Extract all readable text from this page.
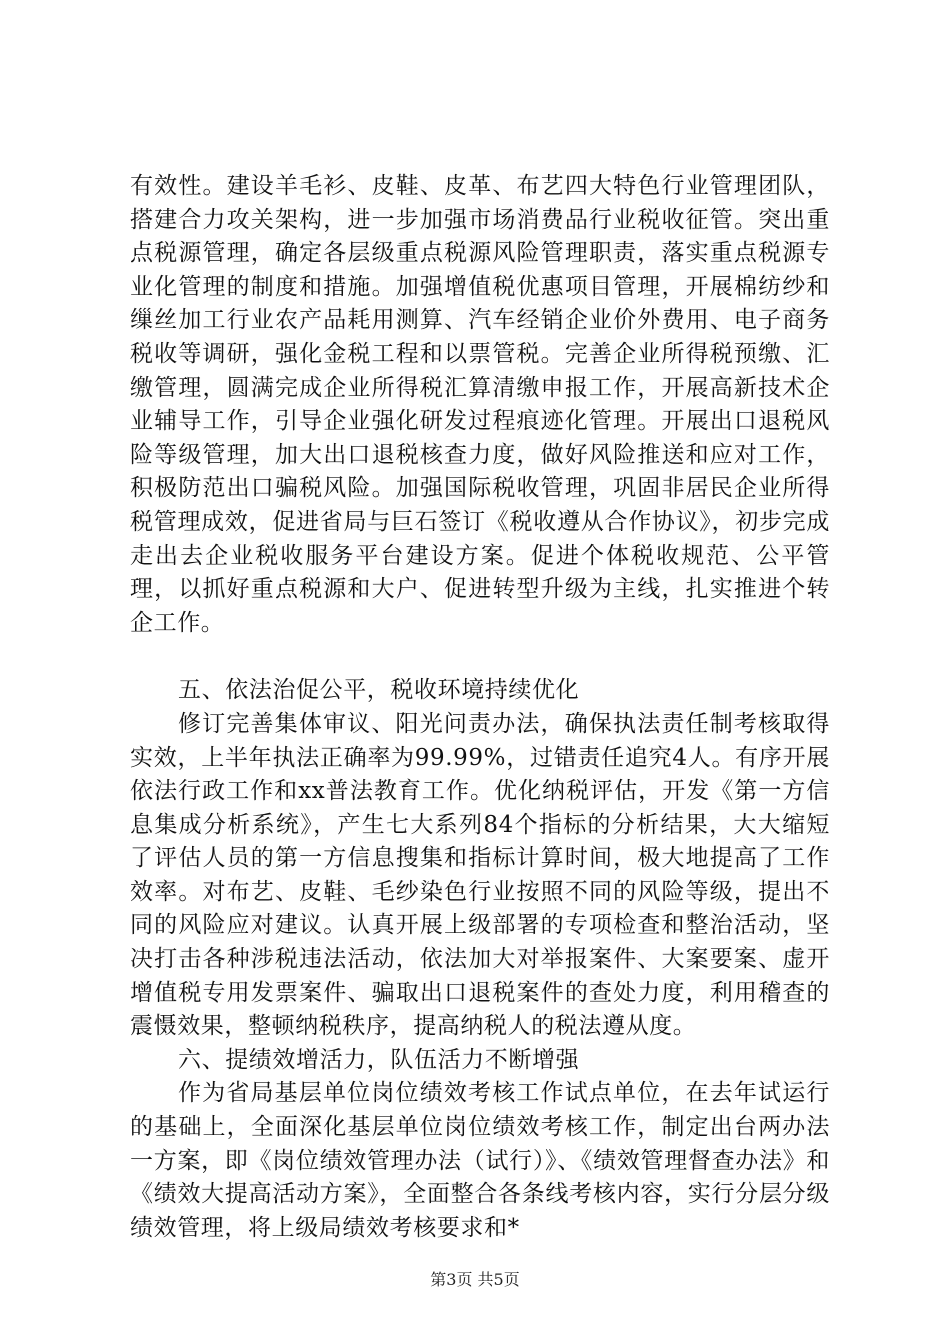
有效性。建设羊毛衫、皮鞋、皮革、布艺四大特色行业管理团队，搭建合力攻关架构，进一步加强市场消费品行业税收征管。突出重点税源管理，确定各层级重点税源风险管理职责，落实重点税源专业化管理的制度和措施。加强增值税优惠项目管理，开展棉纺纱和缫丝加工行业农产品耗用测算、汽车经销企业价外费用、电子商务税收等调研，强化金税工程和以票管税。完善企业所得税预缴、汇缴管理，圆满完成企业所得税汇算清缴申报工作，开展高新技术企业辅导工作，引导企业强化研发过程痕迹化管理。开展出口退税风险等级管理，加大出口退税核查力度，做好风险推送和应对工作，积极防范出口骗税风险。加强国际税收管理，巩固非居民企业所得税管理成效，促进省局与巨石签订《税收遵从合作协议》，初步完成走出去企业税收服务平台建设方案。促进个体税收规范、公平管理，以抓好重点税源和大户、促进转型升级为主线，扎实推进个转企工作。

五、依法治促公平，税收环境持续优化

修订完善集体审议、阳光问责办法，确保执法责任制考核取得实效，上半年执法正确率为99.99%，过错责任追究4人。有序开展依法行政工作和xx普法教育工作。优化纳税评估，开发《第一方信息集成分析系统》，产生七大系列84个指标的分析结果，大大缩短了评估人员的第一方信息搜集和指标计算时间，极大地提高了工作效率。对布艺、皮鞋、毛纱染色行业按照不同的风险等级，提出不同的风险应对建议。认真开展上级部署的专项检查和整治活动，坚决打击各种涉税违法活动，依法加大对举报案件、大案要案、虚开增值税专用发票案件、骗取出口退税案件的查处力度，利用稽查的震慑效果，整顿纳税秩序，提高纳税人的税法遵从度。

六、提绩效增活力，队伍活力不断增强

作为省局基层单位岗位绩效考核工作试点单位，在去年试运行的基础上，全面深化基层单位岗位绩效考核工作，制定出台两办法一方案，即《岗位绩效管理办法（试行）》、《绩效管理督查办法》和《绩效大提高活动方案》，全面整合各条线考核内容，实行分层分级绩效管理，将上级局绩效考核要求和*

第3页 共5页
